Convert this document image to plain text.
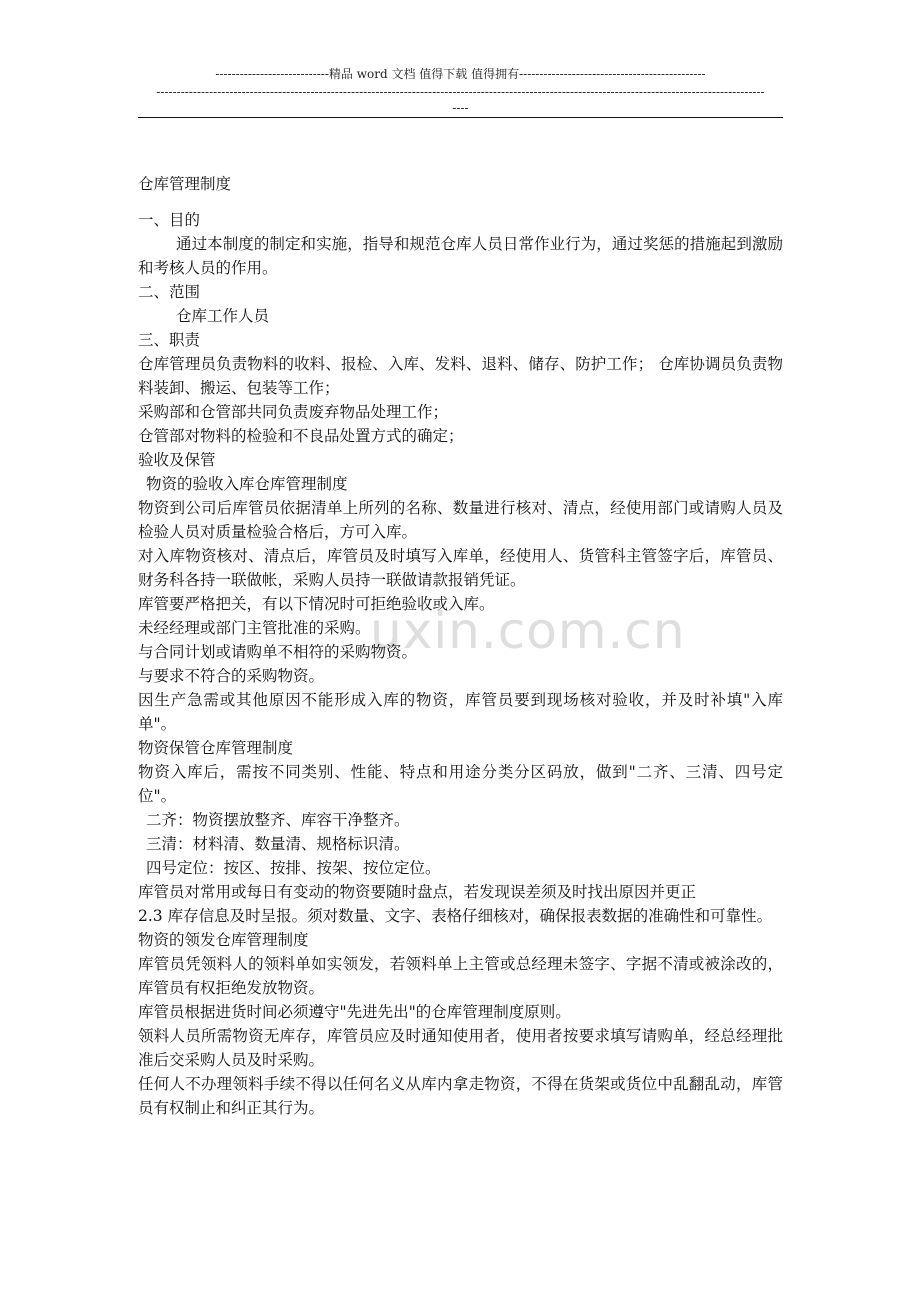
----------------------------精品 word 文档 值得下载 值得拥有----------------------------------------------
------------------------------------------------------------------------------------------------------------------------------------------------------
----
uxin.com.cn

仓库管理制度

一、目的

通过本制度的制定和实施，指导和规范仓库人员日常作业行为，通过奖惩的措施起到激励和考核人员的作用。

二、范围

仓库工作人员

三、职责

仓库管理员负责物料的收料、报检、入库、发料、退料、储存、防护工作； 仓库协调员负责物料装卸、搬运、包装等工作；

采购部和仓管部共同负责废弃物品处理工作；

仓管部对物料的检验和不良品处置方式的确定；

验收及保管

物资的验收入库仓库管理制度

物资到公司后库管员依据清单上所列的名称、数量进行核对、清点，经使用部门或请购人员及检验人员对质量检验合格后，方可入库。

对入库物资核对、清点后，库管员及时填写入库单，经使用人、货管科主管签字后，库管员、财务科各持一联做帐，采购人员持一联做请款报销凭证。

库管要严格把关，有以下情况时可拒绝验收或入库。

未经经理或部门主管批准的采购。

与合同计划或请购单不相符的采购物资。

与要求不符合的采购物资。

因生产急需或其他原因不能形成入库的物资，库管员要到现场核对验收，并及时补填"入库单"。

物资保管仓库管理制度

物资入库后，需按不同类别、性能、特点和用途分类分区码放，做到"二齐、三清、四号定位"。

二齐：物资摆放整齐、库容干净整齐。

三清：材料清、数量清、规格标识清。

四号定位：按区、按排、按架、按位定位。

库管员对常用或每日有变动的物资要随时盘点，若发现误差须及时找出原因并更正

2.3 库存信息及时呈报。须对数量、文字、表格仔细核对，确保报表数据的准确性和可靠性。

物资的领发仓库管理制度

库管员凭领料人的领料单如实领发，若领料单上主管或总经理未签字、字据不清或被涂改的，库管员有权拒绝发放物资。

库管员根据进货时间必须遵守"先进先出"的仓库管理制度原则。

领料人员所需物资无库存，库管员应及时通知使用者，使用者按要求填写请购单，经总经理批准后交采购人员及时采购。

任何人不办理领料手续不得以任何名义从库内拿走物资，不得在货架或货位中乱翻乱动，库管员有权制止和纠正其行为。
